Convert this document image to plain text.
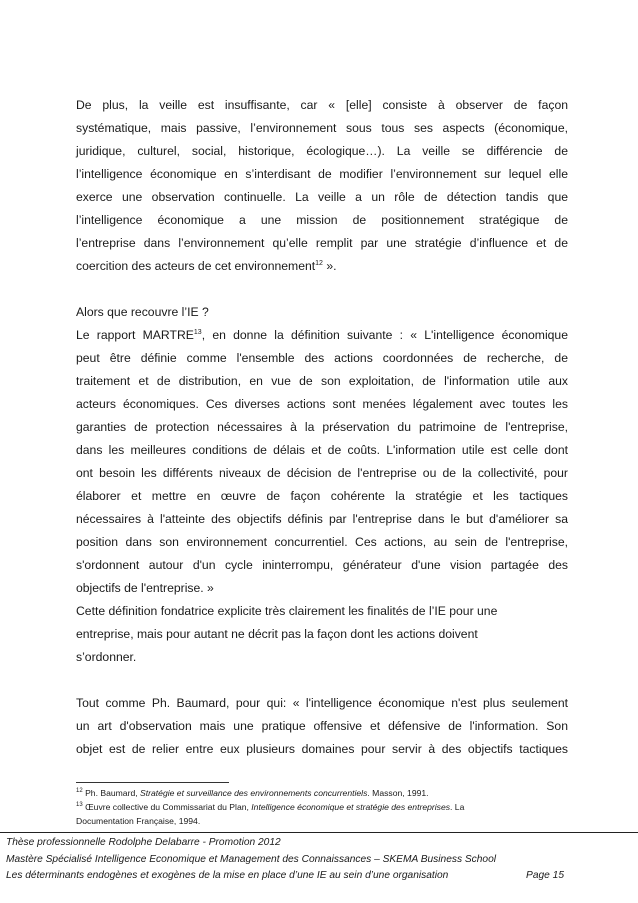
De plus, la veille est insuffisante, car « [elle] consiste à observer de façon
systématique, mais passive, l’environnement sous tous ses aspects (économique,
juridique, culturel, social, historique, écologique…). La veille se différencie de
l’intelligence économique en s’interdisant de modifier l’environnement sur lequel elle
exerce une observation continuelle. La veille a un rôle de détection tandis que
l’intelligence économique a une mission de positionnement stratégique de
l’entreprise dans l’environnement qu’elle remplit par une stratégie d’influence et de
coercition des acteurs de cet environnement$^{12}$ ».

Alors que recouvre l’IE ?
Le rapport MARTRE$^{13}$, en donne la définition suivante : « L'intelligence économique
peut être définie comme l'ensemble des actions coordonnées de recherche, de
traitement et de distribution, en vue de son exploitation, de l'information utile aux
acteurs économiques. Ces diverses actions sont menées légalement avec toutes les
garanties de protection nécessaires à la préservation du patrimoine de l'entreprise,
dans les meilleures conditions de délais et de coûts. L'information utile est celle dont
ont besoin les différents niveaux de décision de l'entreprise ou de la collectivité, pour
élaborer et mettre en œuvre de façon cohérente la stratégie et les tactiques
nécessaires à l'atteinte des objectifs définis par l'entreprise dans le but d'améliorer sa
position dans son environnement concurrentiel. Ces actions, au sein de l'entreprise,
s'ordonnent autour d'un cycle ininterrompu, générateur d'une vision partagée des
objectifs de l'entreprise. »
Cette définition fondatrice explicite très clairement les finalités de l’IE pour une
entreprise, mais pour autant ne décrit pas la façon dont les actions doivent
s’ordonner.

Tout comme Ph. Baumard, pour qui: « l'intelligence économique n'est plus seulement
un art d'observation mais une pratique offensive et défensive de l'information. Son
objet est de relier entre eux plusieurs domaines pour servir à des objectifs tactiques

$^{12}$ Ph. Baumard, Stratégie et surveillance des environnements concurrentiels. Masson, 1991.

$^{13}$ Œuvre collective du Commissariat du Plan, Intelligence économique et stratégie des entreprises. La
Documentation Française, 1994.

Thèse professionnelle Rodolphe Delabarre - Promotion 2012
Mastère Spécialisé Intelligence Economique et Management des Connaissances – SKEMA Business School
Les déterminants endogènes et exogènes de la mise en place d’une IE au sein d’une organisation	Page 15
